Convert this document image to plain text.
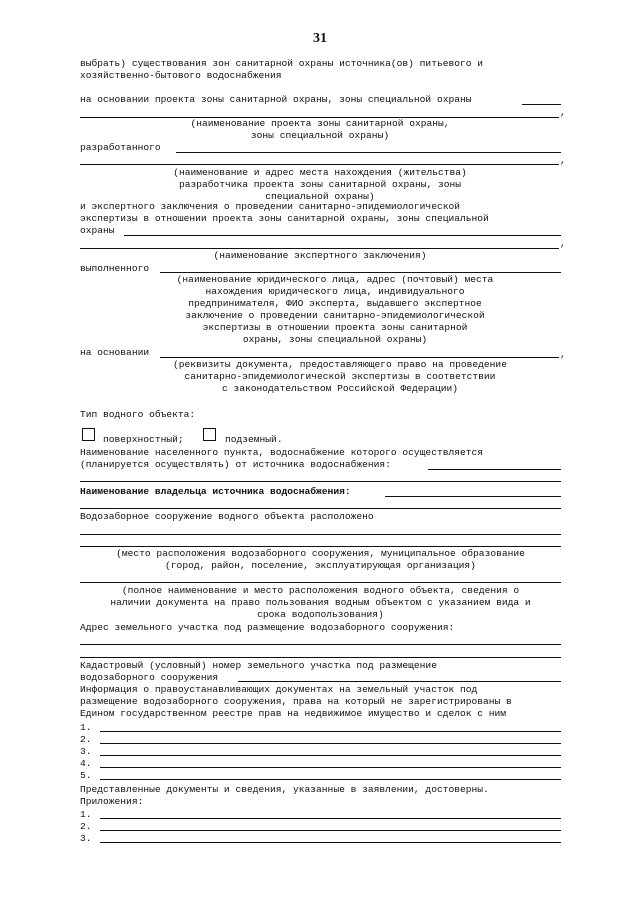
31
выбрать) существования зон санитарной охраны источника(ов) питьевого и
хозяйственно-бытового водоснабжения
на основании проекта зоны санитарной охраны, зоны специальной охраны
,
(наименование проекта зоны санитарной охраны,
зоны специальной охраны)
разработанного
,
(наименование и адрес места нахождения (жительства)
разработчика проекта зоны санитарной охраны, зоны
специальной охраны)
и экспертного заключения о проведении санитарно-эпидемиологической
экспертизы в отношении проекта зоны санитарной охраны, зоны специальной
охраны
,
(наименование экспертного заключения)
выполненного
(наименование юридического лица, адрес (почтовый) места
нахождения юридического лица, индивидуального
предпринимателя, ФИО эксперта, выдавшего экспертное
заключение о проведении санитарно-эпидемиологической
экспертизы в отношении проекта зоны санитарной
охраны, зоны специальной охраны)
на основании	,
(реквизиты документа, предоставляющего право на проведение
санитарно-эпидемиологической экспертизы в соответствии
с законодательством Российской Федерации)
Тип водного объекта:
поверхностный;	подземный.
Наименование населенного пункта, водоснабжение которого осуществляется
(планируется осуществлять) от источника водоснабжения:
Наименование владельца источника водоснабжения:
Водозаборное сооружение водного объекта расположено
(место расположения водозаборного сооружения, муниципальное образование
(город, район, поселение, эксплуатирующая организация)
(полное наименование и место расположения водного объекта, сведения о
наличии документа на право пользования водным объектом с указанием вида и
срока водопользования)
Адрес земельного участка под размещение водозаборного сооружения:
Кадастровый (условный) номер земельного участка под размещение
водозаборного сооружения
Информация о правоустанавливающих документах на земельный участок под
размещение водозаборного сооружения, права на который не зарегистрированы в
Едином государственном реестре прав на недвижимое имущество и сделок с ним
1.
2.
3.
4.
5.
Представленные документы и сведения, указанные в заявлении, достоверны.
Приложения:
1.
2.
3.
